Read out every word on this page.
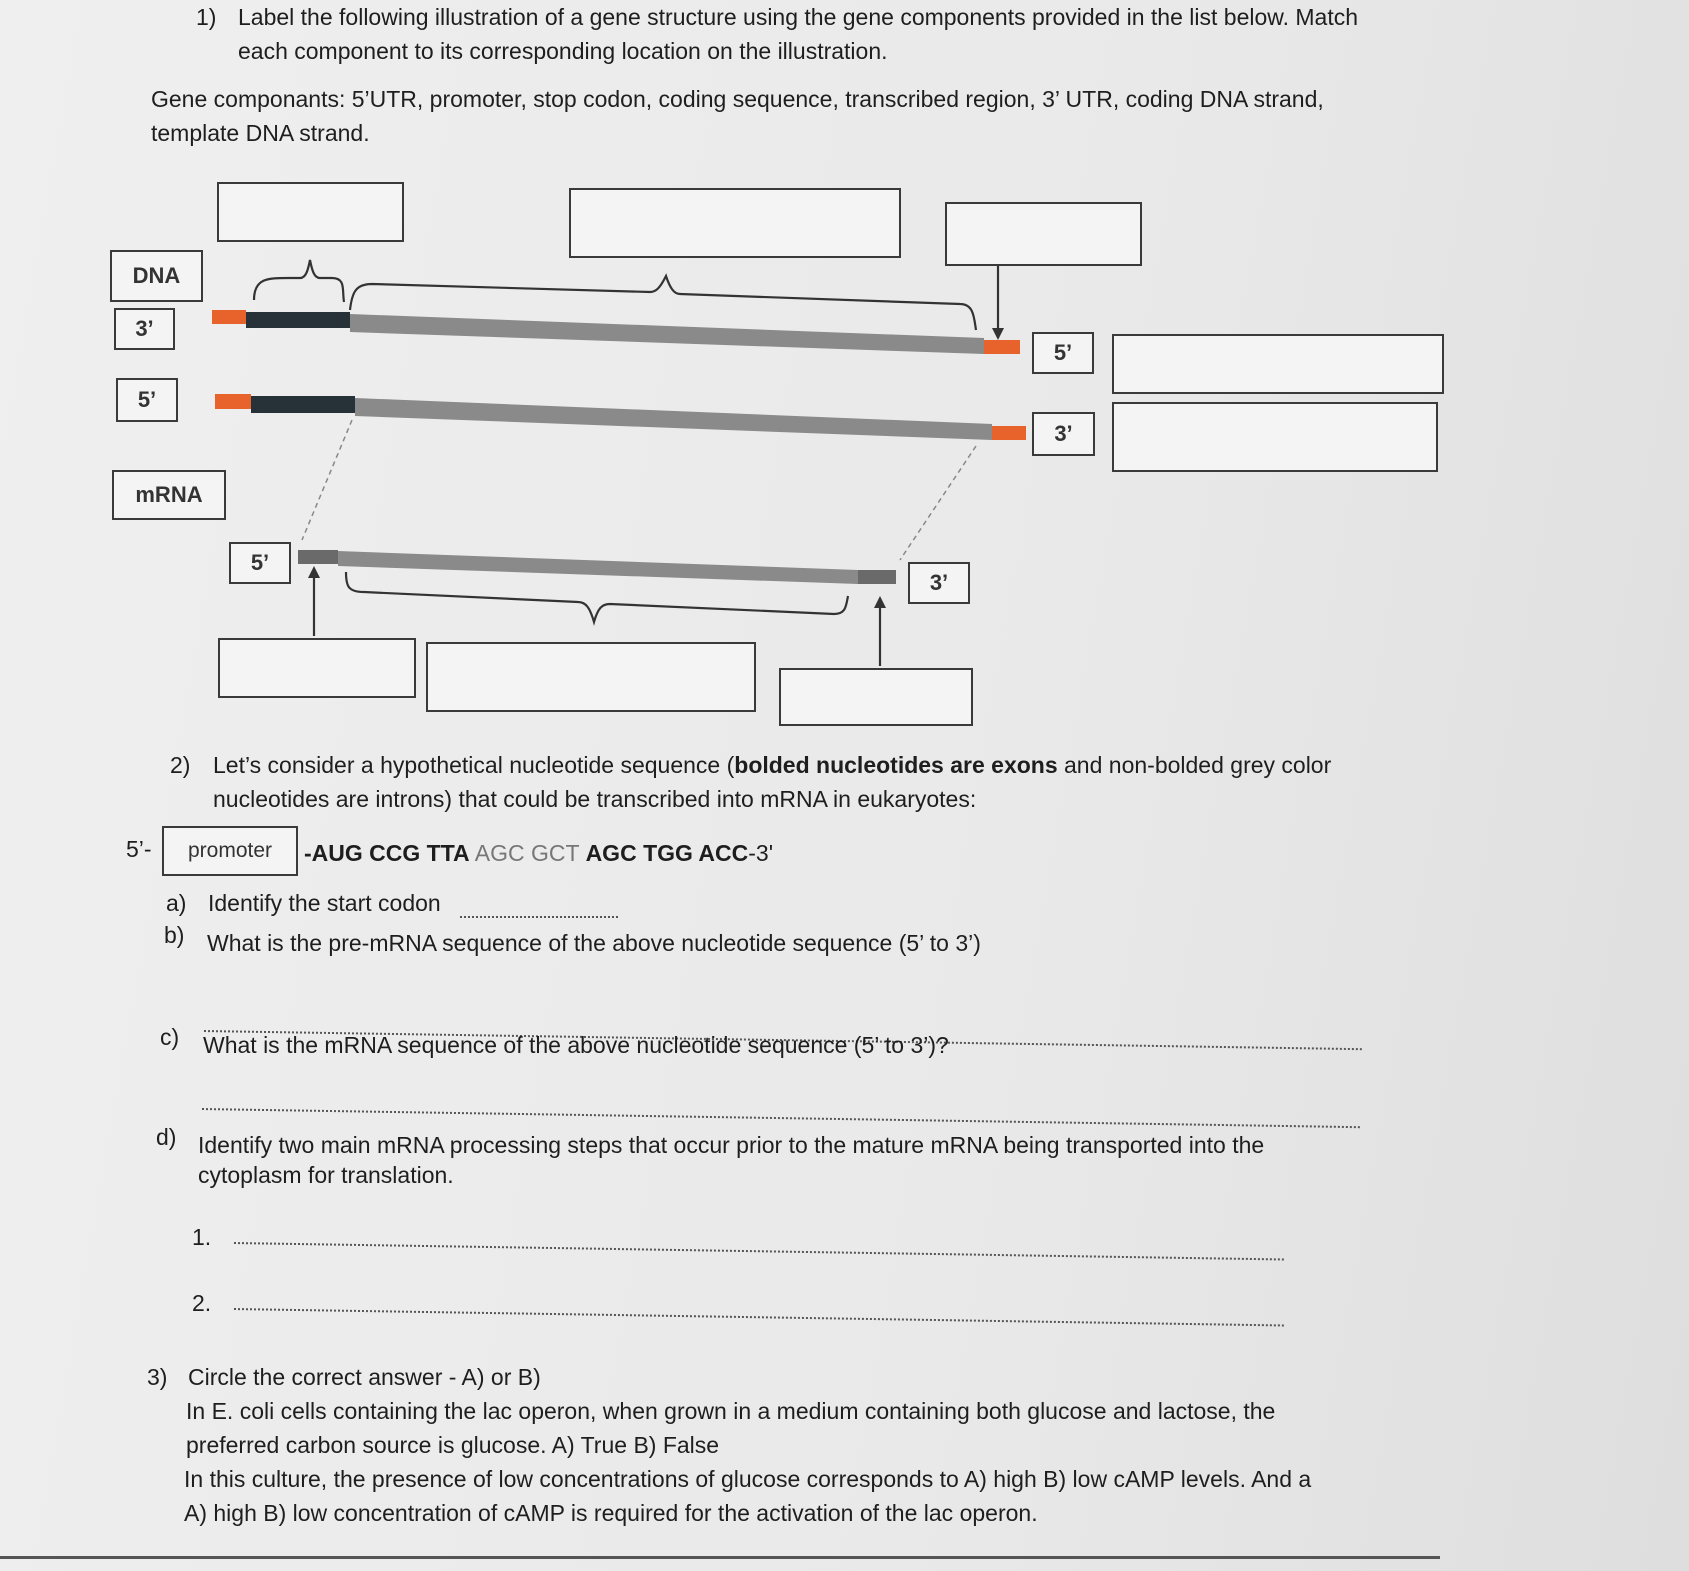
1) Label the following illustration of a gene structure using the gene components provided in the list below. Match
each component to its corresponding location on the illustration.
Gene componants: 5’UTR, promoter, stop codon, coding sequence, transcribed region, 3’ UTR, coding DNA strand,
template DNA strand.
DNA
3’
5’
mRNA
5’
3’
5’
3’
2) Let’s consider a hypothetical nucleotide sequence (bolded nucleotides are exons and non-bolded grey color
nucleotides are introns) that could be transcribed into mRNA in eukaryotes:
5’-	promoter	-AUG CCG TTA AGC GCT AGC TGG ACC-3'
a) Identify the start codon
b) What is the pre-mRNA sequence of the above nucleotide sequence (5’ to 3’)
c) What is the mRNA sequence of the above nucleotide sequence (5’ to 3’)?
d) Identify two main mRNA processing steps that occur prior to the mature mRNA being transported into the
cytoplasm for translation.
1.
2.
3) Circle the correct answer - A) or B)
In E. coli cells containing the lac operon, when grown in a medium containing both glucose and lactose, the
preferred carbon source is glucose. A) True B) False
In this culture, the presence of low concentrations of glucose corresponds to A) high B) low cAMP levels. And a
A) high B) low concentration of cAMP is required for the activation of the lac operon.
